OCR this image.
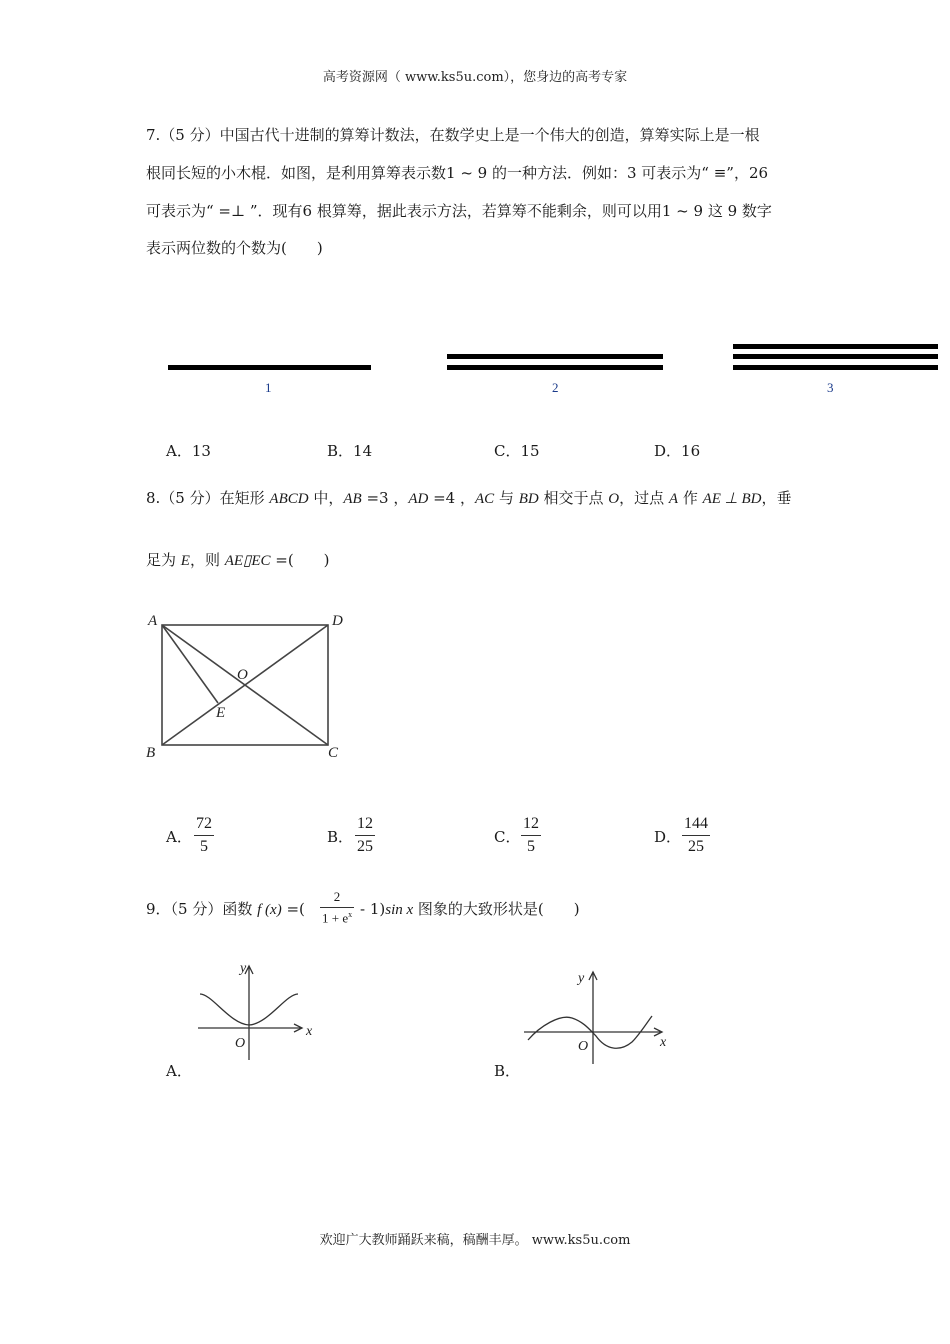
高考资源网（ www.ks5u.com），您身边的高考专家
7.（5 分）中国古代十进制的算筹计数法，在数学史上是一个伟大的创造，算筹实际上是一根
根同长短的小木棍．如图，是利用算筹表示数1 ~ 9 的一种方法．例如：3 可表示为“ ≡”，26
可表示为“ =⊥ ”．现有6 根算筹，据此表示方法，若算筹不能剩余，则可以用1 ~ 9 这 9 数字
表示两位数的个数为(　　)
1	2	3
A．13	B．14	C．15	D．16
8.（5 分）在矩形 ABCD 中，AB =3 ，AD =4 ，AC 与 BD 相交于点 O，过点 A 作 AE ⊥ BD，垂
足为 E，则 AE▯EC =(　　)
A	D
B	C
O
E
A．
72
5
B．
12
25
C．
12
5
D．
144
25
9．（5 分）函数 f (x) =(
2
$1 + e^x - 1)\sin$ x 图象的大致形状是(　　)
y
x
O
A．
y
x
O
B．
欢迎广大教师踊跃来稿，稿酬丰厚。 www.ks5u.com
